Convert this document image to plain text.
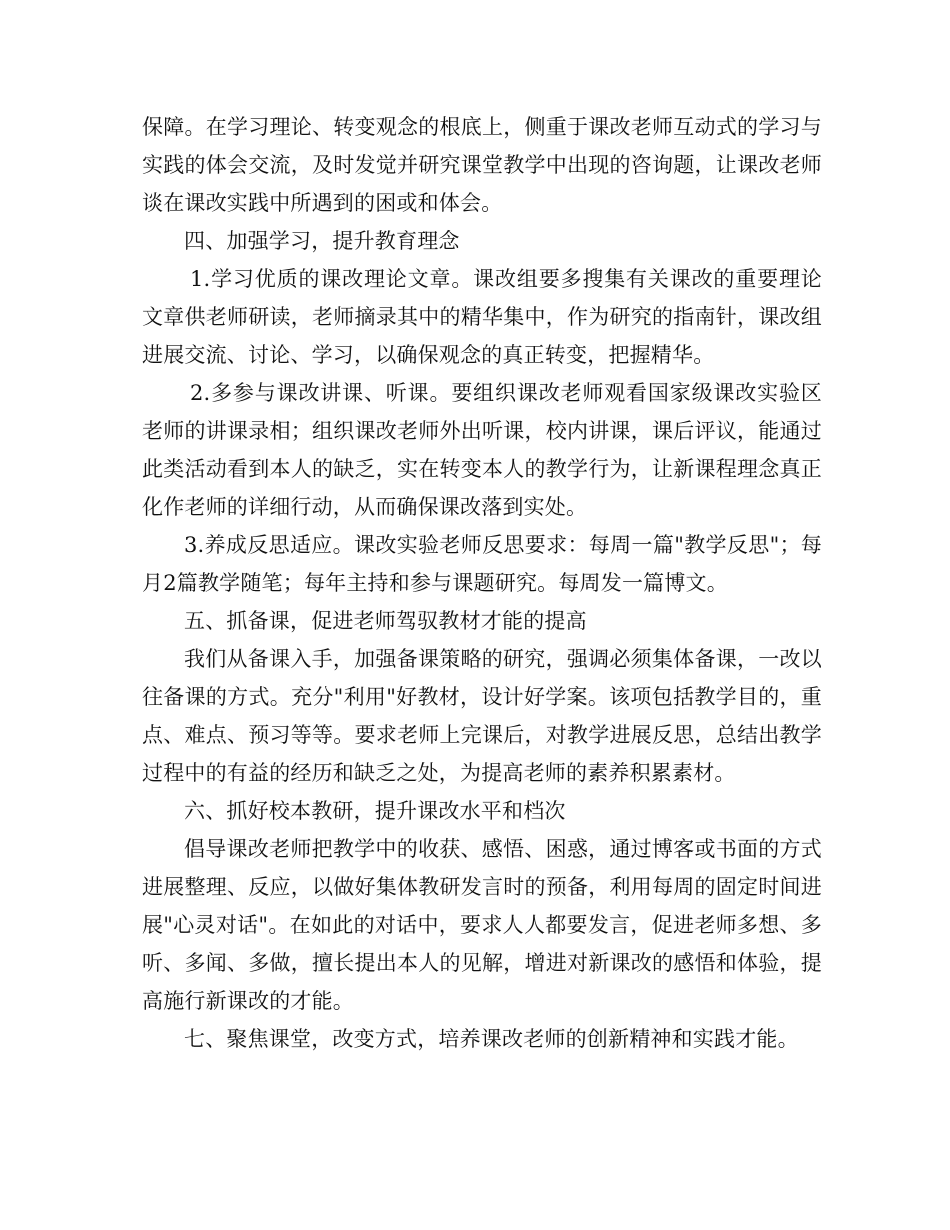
保障。在学习理论、转变观念的根底上，侧重于课改老师互动式的学习与实践的体会交流，及时发觉并研究课堂教学中出现的咨询题，让课改老师谈在课改实践中所遇到的困或和体会。

四、加强学习，提升教育理念

1.学习优质的课改理论文章。课改组要多搜集有关课改的重要理论文章供老师研读，老师摘录其中的精华集中，作为研究的指南针，课改组进展交流、讨论、学习，以确保观念的真正转变，把握精华。

2.多参与课改讲课、听课。要组织课改老师观看国家级课改实验区老师的讲课录相；组织课改老师外出听课，校内讲课，课后评议，能通过此类活动看到本人的缺乏，实在转变本人的教学行为，让新课程理念真正化作老师的详细行动，从而确保课改落到实处。

3.养成反思适应。课改实验老师反思要求：每周一篇"教学反思"；每月2篇教学随笔；每年主持和参与课题研究。每周发一篇博文。

五、抓备课，促进老师驾驭教材才能的提高

我们从备课入手，加强备课策略的研究，强调必须集体备课，一改以往备课的方式。充分"利用"好教材，设计好学案。该项包括教学目的，重点、难点、预习等等。要求老师上完课后，对教学进展反思，总结出教学过程中的有益的经历和缺乏之处，为提高老师的素养积累素材。

六、抓好校本教研，提升课改水平和档次

倡导课改老师把教学中的收获、感悟、困惑，通过博客或书面的方式进展整理、反应，以做好集体教研发言时的预备，利用每周的固定时间进展"心灵对话"。在如此的对话中，要求人人都要发言，促进老师多想、多听、多闻、多做，擅长提出本人的见解，增进对新课改的感悟和体验，提高施行新课改的才能。

七、聚焦课堂，改变方式，培养课改老师的创新精神和实践才能。
